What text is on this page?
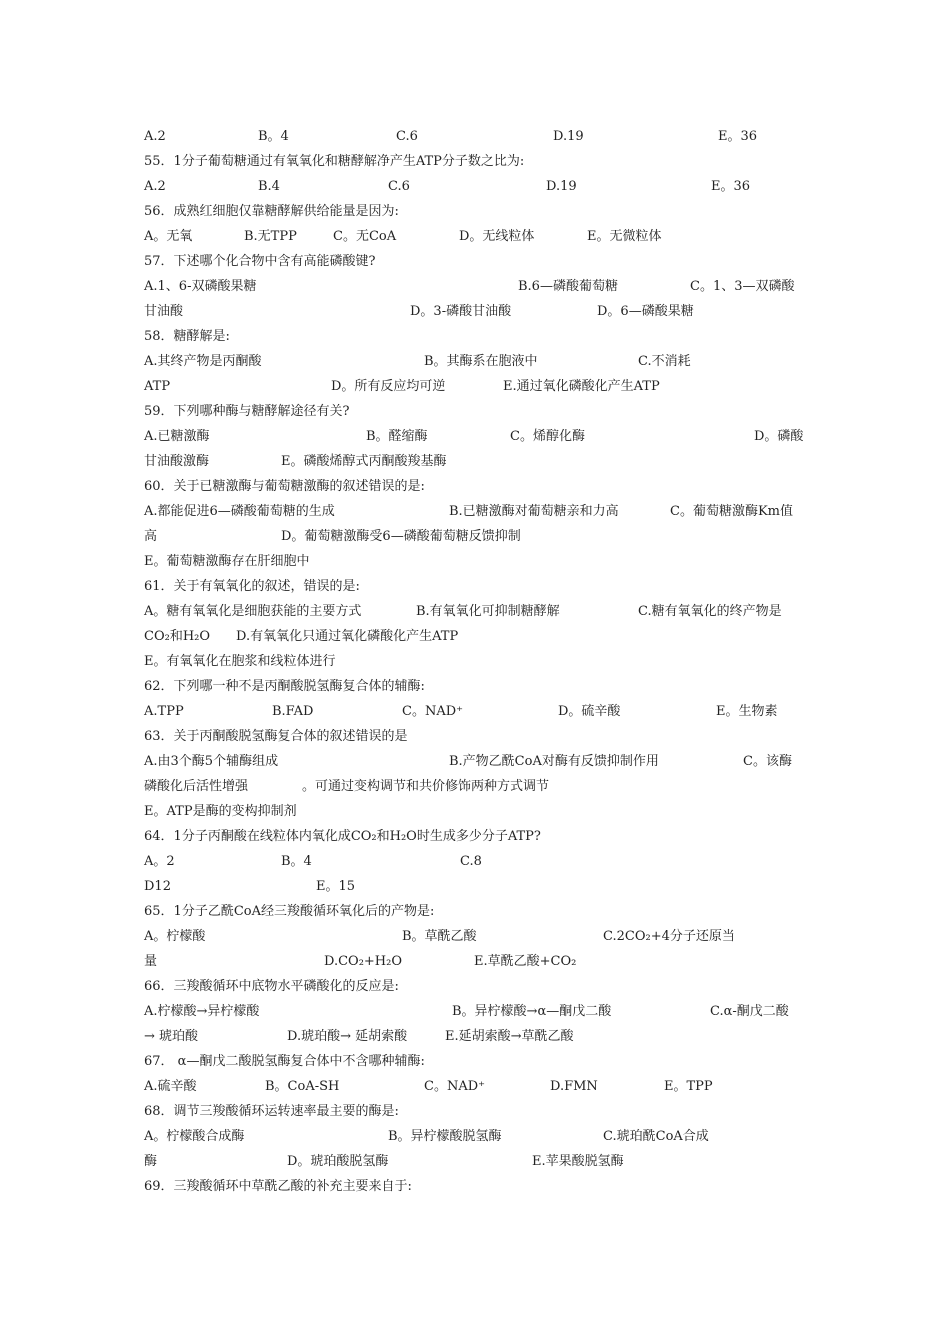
A.2	B。4	C.6	D.19	E。36
55．1分子葡萄糖通过有氧氧化和糖酵解净产生ATP分子数之比为:
A.2	B.4	C.6	D.19	E。36
56．成熟红细胞仅靠糖酵解供给能量是因为:
A。无氧	B.无TPP	C。无CoA	D。无线粒体	E。无微粒体
57．下述哪个化合物中含有高能磷酸键?
A.1、6-双磷酸果糖	B.6—磷酸葡萄糖	C。1、3—双磷酸
甘油酸	D。3-磷酸甘油酸	D。6—磷酸果糖
58．糖酵解是:
A.其终产物是丙酮酸	B。其酶系在胞液中	C.不消耗
ATP	D。所有反应均可逆	E.通过氧化磷酸化产生ATP
59．下列哪种酶与糖酵解途径有关?
A.已糖激酶	B。醛缩酶	C。烯醇化酶	D。磷酸
甘油酸激酶	E。磷酸烯醇式丙酮酸羧基酶
60．关于已糖激酶与葡萄糖激酶的叙述错误的是:
A.都能促进6—磷酸葡萄糖的生成	B.已糖激酶对葡萄糖亲和力高	C。葡萄糖激酶Km值
高	D。葡萄糖激酶受6—磷酸葡萄糖反馈抑制
E。葡萄糖激酶存在肝细胞中
61．关于有氧氧化的叙述，错误的是:
A。糖有氧氧化是细胞获能的主要方式	B.有氧氧化可抑制糖酵解	C.糖有氧氧化的终产物是
CO₂和H₂O D.有氧氧化只通过氧化磷酸化产生ATP
E。有氧氧化在胞浆和线粒体进行
62．下列哪一种不是丙酮酸脱氢酶复合体的辅酶:
A.TPP	B.FAD	C。NAD⁺	D。硫辛酸	E。生物素
63．关于丙酮酸脱氢酶复合体的叙述错误的是
A.由3个酶5个辅酶组成	B.产物乙酰CoA对酶有反馈抑制作用	C。该酶
磷酸化后活性增强	。可通过变构调节和共价修饰两种方式调节
E。ATP是酶的变构抑制剂
64．1分子丙酮酸在线粒体内氧化成CO₂和H₂O时生成多少分子ATP?
A。2	B。4	C.8
D12	E。15
65．1分子乙酰CoA经三羧酸循环氧化后的产物是:
A。柠檬酸	B。草酰乙酸	C.2CO₂+4分子还原当
量	D.CO₂+H₂O	E.草酰乙酸+CO₂
66．三羧酸循环中底物水平磷酸化的反应是:
A.柠檬酸→异柠檬酸	B。异柠檬酸→α—酮戊二酸	C.α-酮戊二酸
→ 琥珀酸	D.琥珀酸→ 延胡索酸	E.延胡索酸→草酰乙酸
67． α—酮戊二酸脱氢酶复合体中不含哪种辅酶:
A.硫辛酸	B。CoA-SH	C。NAD⁺	D.FMN	E。TPP
68．调节三羧酸循环运转速率最主要的酶是:
A。柠檬酸合成酶	B。异柠檬酸脱氢酶	C.琥珀酰CoA合成
酶	D。琥珀酸脱氢酶	E.苹果酸脱氢酶
69．三羧酸循环中草酰乙酸的补充主要来自于:
